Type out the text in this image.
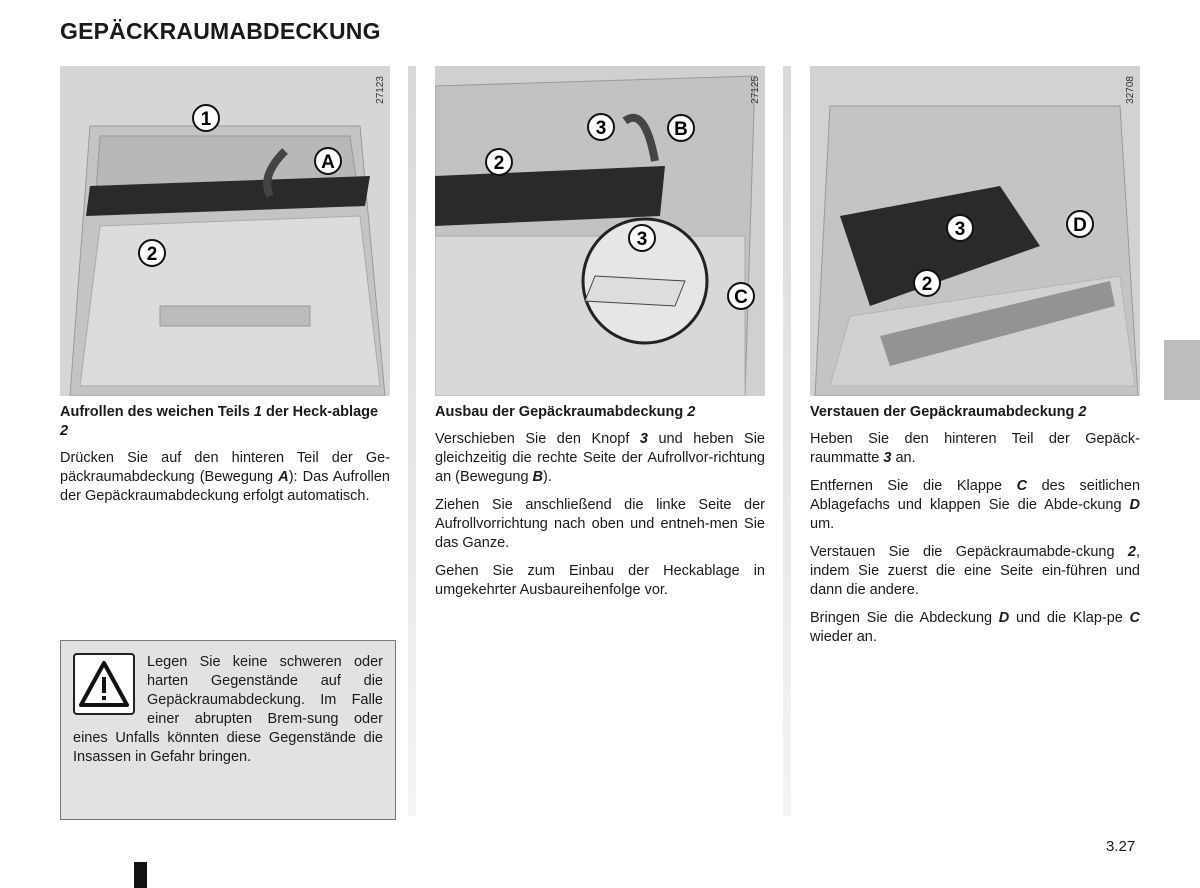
GEPÄCKRAUMABDECKUNG
1
A
2
27123

Aufrollen des weichen Teils 1 der Heck-ablage 2

Drücken Sie auf den hinteren Teil der Ge-päckraumabdeckung (Bewegung A): Das Aufrollen der Gepäckraumabdeckung erfolgt automatisch.

3	B
2
3
C
27125

Ausbau der Gepäckraumabdeckung 2

Verschieben Sie den Knopf 3 und heben Sie gleichzeitig die rechte Seite der Aufrollvor-richtung an (Bewegung B).

Ziehen Sie anschließend die linke Seite der Aufrollvorrichtung nach oben und entneh-men Sie das Ganze.

Gehen Sie zum Einbau der Heckablage in umgekehrter Ausbaureihenfolge vor.

D
3
2
32708

Verstauen der Gepäckraumabdeckung 2

Heben Sie den hinteren Teil der Gepäck-raummatte 3 an.

Entfernen Sie die Klappe C des seitlichen Ablagefachs und klappen Sie die Abde-ckung D um.

Verstauen Sie die Gepäckraumabde-ckung 2, indem Sie zuerst die eine Seite ein-führen und dann die andere.

Bringen Sie die Abdeckung D und die Klap-pe C wieder an.

Legen Sie keine schweren oder harten Gegenstände auf die Gepäckraumabdeckung. Im Falle einer abrupten Brem-sung oder eines Unfalls könnten diese Gegenstände die Insassen in Gefahr bringen.
3.27
